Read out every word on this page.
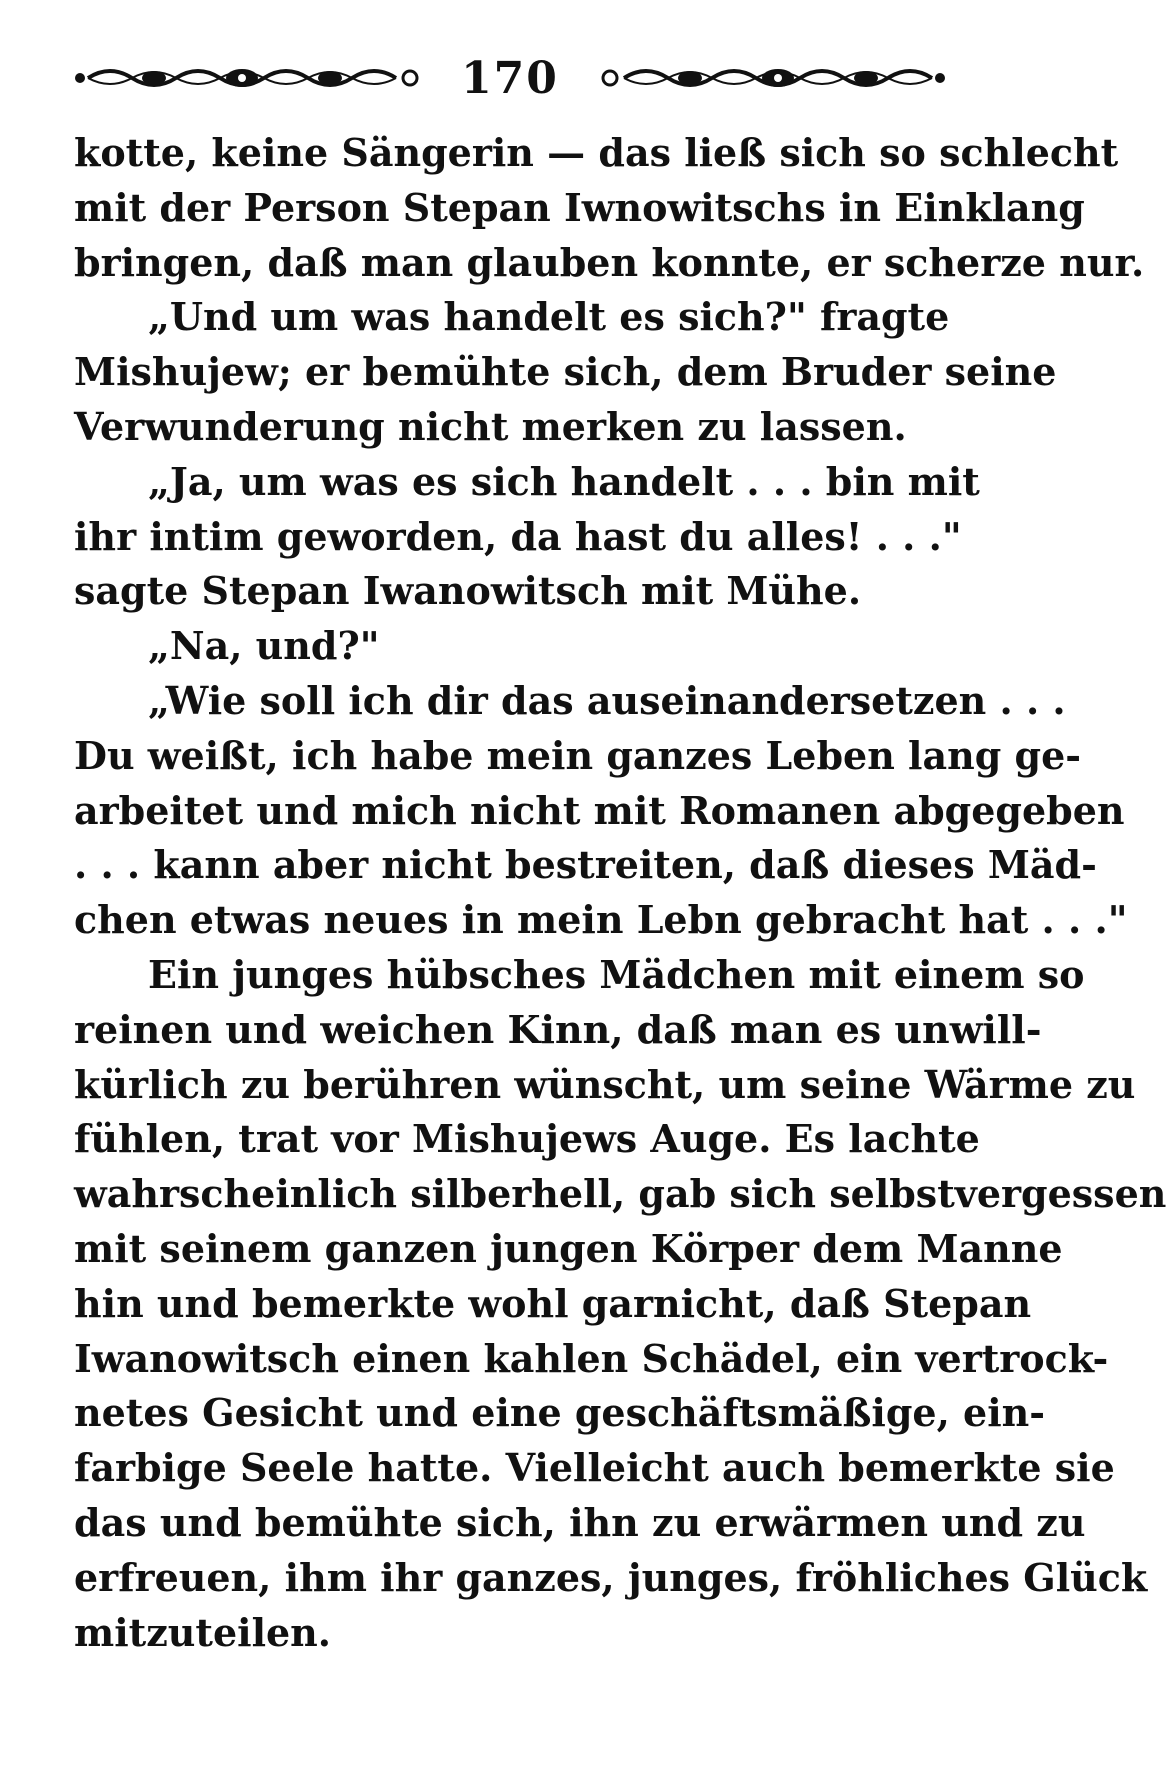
170
kotte, keine Sängerin — das ließ sich so schlecht
mit der Person Stepan Iwnowitschs in Einklang
bringen, daß man glauben konnte, er scherze nur.
„Und um was handelt es sich?" fragte
Mishujew; er bemühte sich, dem Bruder seine
Verwunderung nicht merken zu lassen.
„Ja, um was es sich handelt . . . bin mit
ihr intim geworden, da hast du alles! . . ."
sagte Stepan Iwanowitsch mit Mühe.
„Na, und?"
„Wie soll ich dir das auseinandersetzen . . .
Du weißt, ich habe mein ganzes Leben lang ge-
arbeitet und mich nicht mit Romanen abgegeben
. . . kann aber nicht bestreiten, daß dieses Mäd-
chen etwas neues in mein Lebn gebracht hat . . ."
Ein junges hübsches Mädchen mit einem so
reinen und weichen Kinn, daß man es unwill-
kürlich zu berühren wünscht, um seine Wärme zu
fühlen, trat vor Mishujews Auge. Es lachte
wahrscheinlich silberhell, gab sich selbstvergessen
mit seinem ganzen jungen Körper dem Manne
hin und bemerkte wohl garnicht, daß Stepan
Iwanowitsch einen kahlen Schädel, ein vertrock-
netes Gesicht und eine geschäftsmäßige, ein-
farbige Seele hatte. Vielleicht auch bemerkte sie
das und bemühte sich, ihn zu erwärmen und zu
erfreuen, ihm ihr ganzes, junges, fröhliches Glück
mitzuteilen.
